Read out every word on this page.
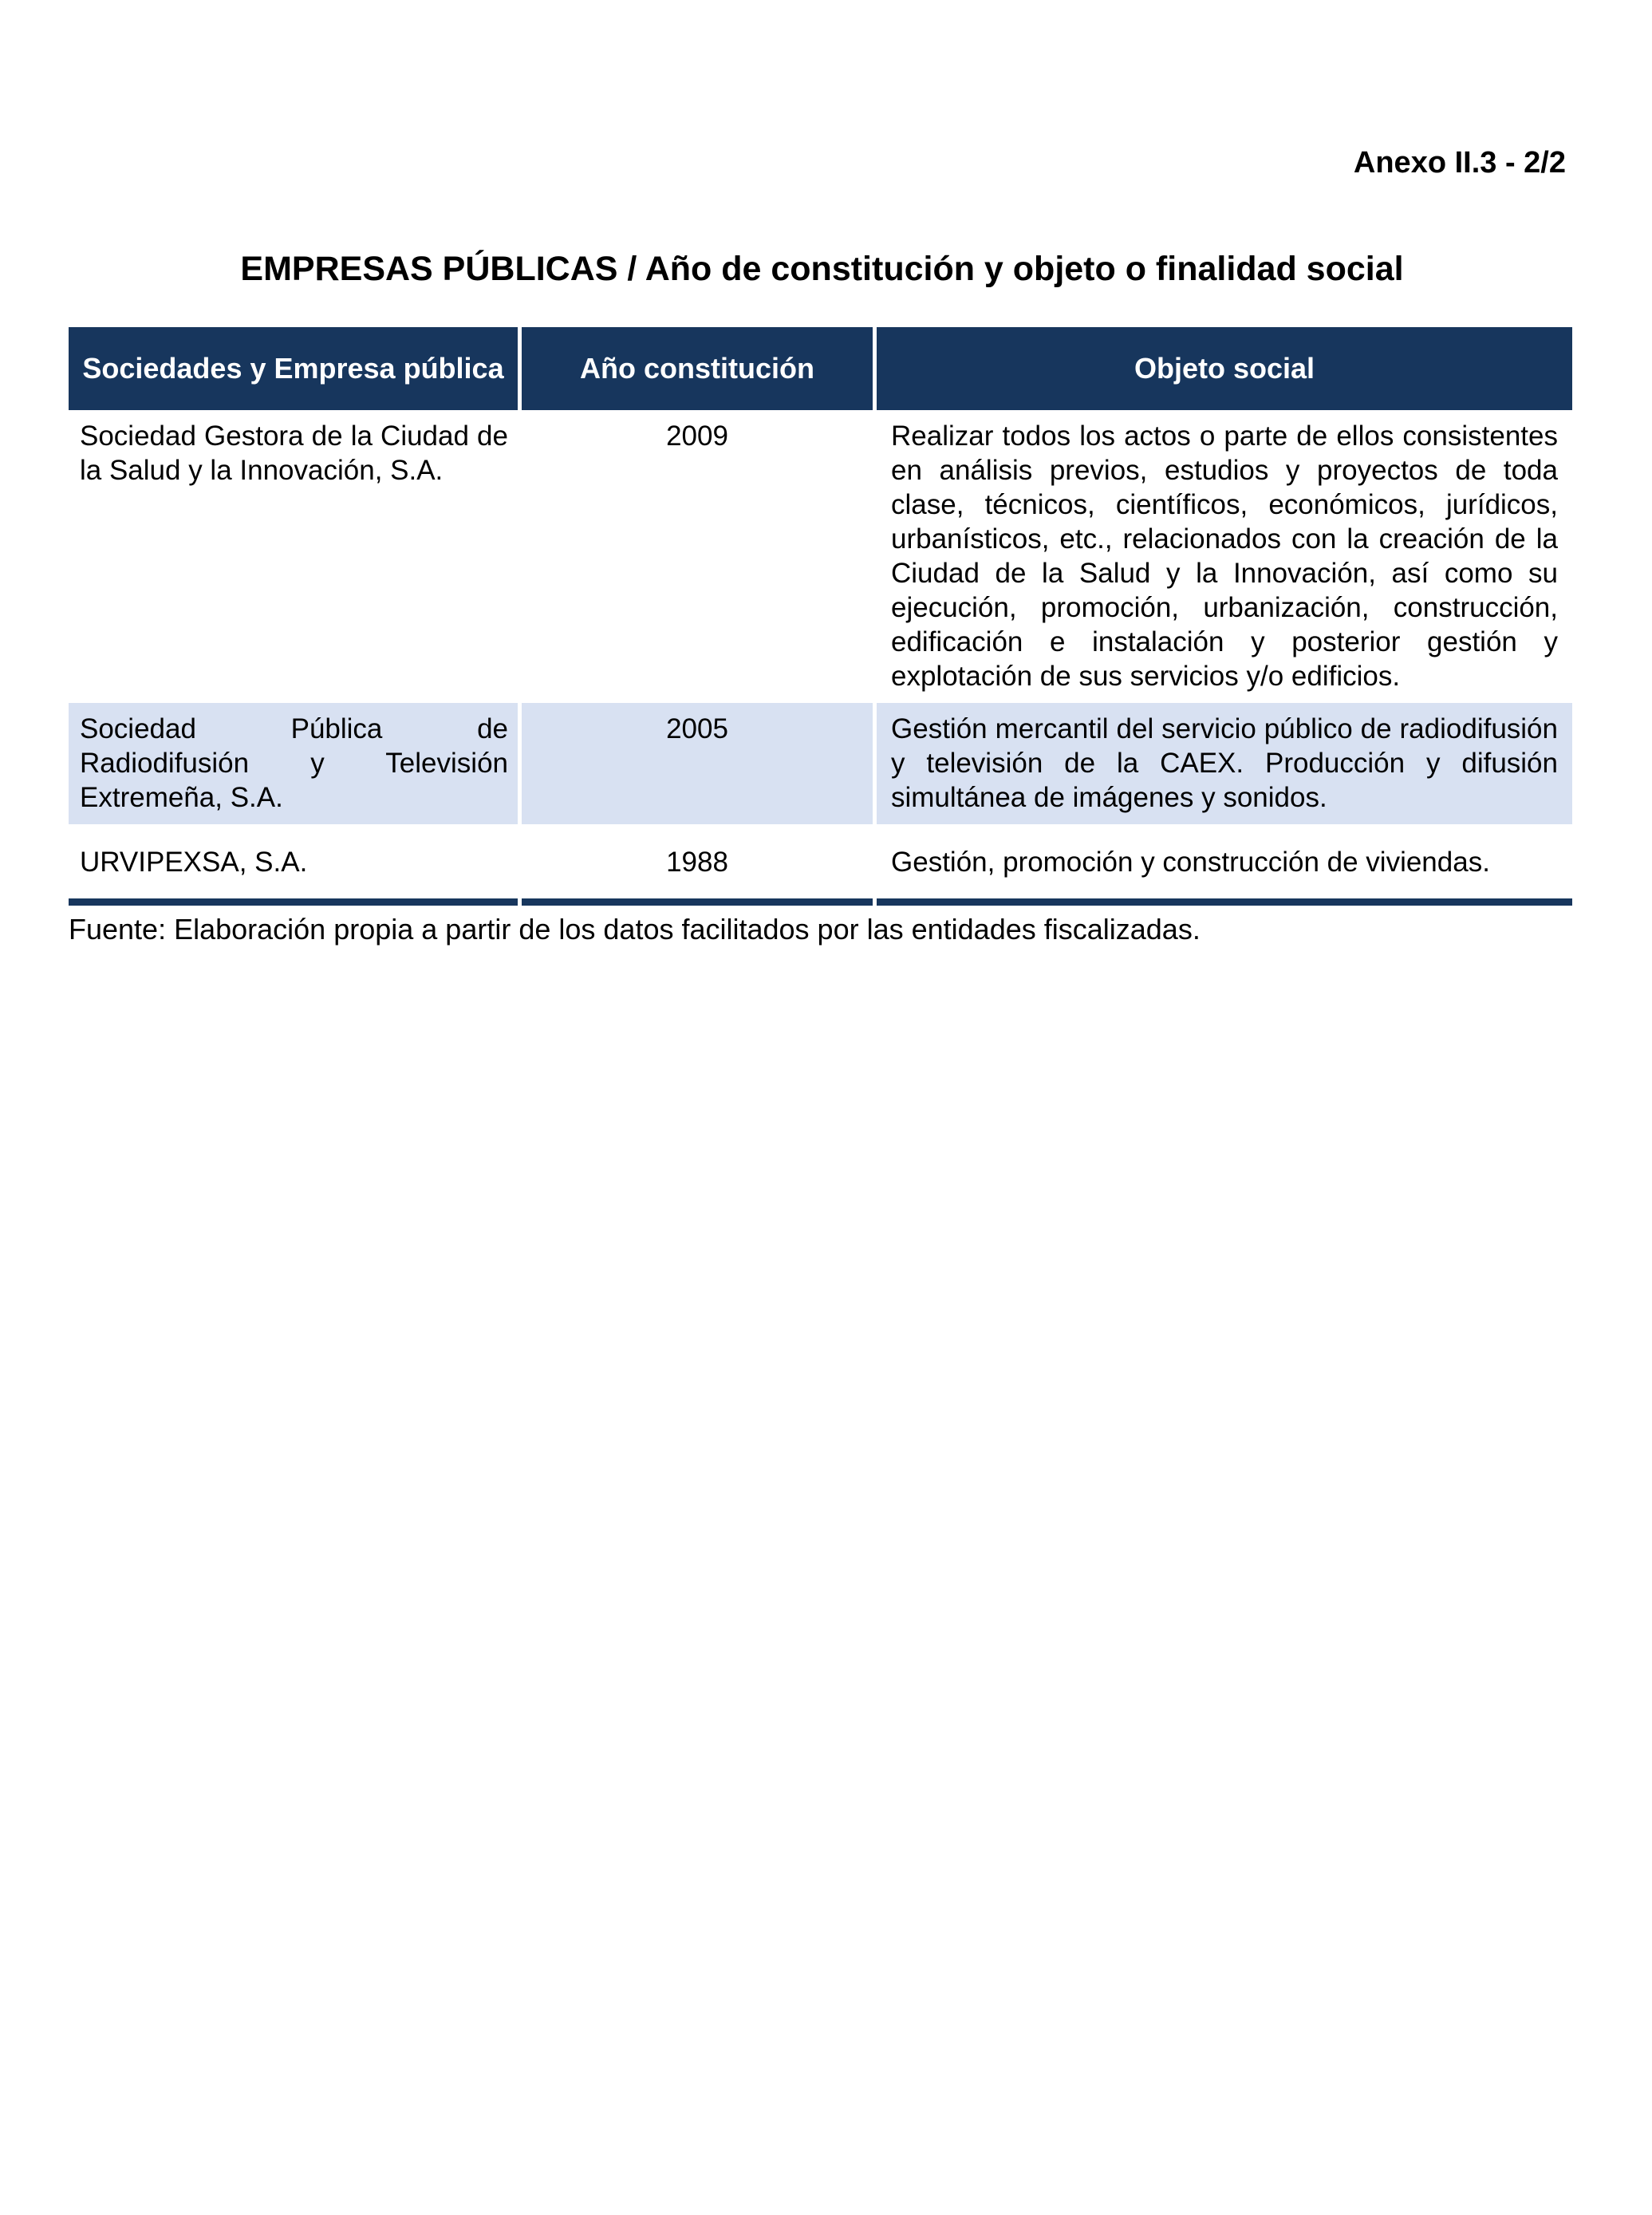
Anexo II.3 - 2/2
EMPRESAS PÚBLICAS / Año de constitución y objeto o finalidad social
Sociedades y Empresa pública	Año constitución	Objeto social
Sociedad Gestora de la Ciudad de la Salud y la Innovación, S.A.	2009	Realizar todos los actos o parte de ellos consistentes en análisis previos, estudios y proyectos de toda clase, técnicos, científicos, económicos, jurídicos, urbanísticos, etc., relacionados con la creación de la Ciudad de la Salud y la Innovación, así como su ejecución, promoción, urbanización, construcción, edificación e instalación y posterior gestión y explotación de sus servicios y/o edificios.
Sociedad Pública de Radiodifusión y Televisión Extremeña, S.A.	2005	Gestión mercantil del servicio público de radiodifusión y televisión de la CAEX. Producción y difusión simultánea de imágenes y sonidos.
URVIPEXSA, S.A.	1988	Gestión, promoción y construcción de viviendas.
Fuente: Elaboración propia a partir de los datos facilitados por las entidades fiscalizadas.
